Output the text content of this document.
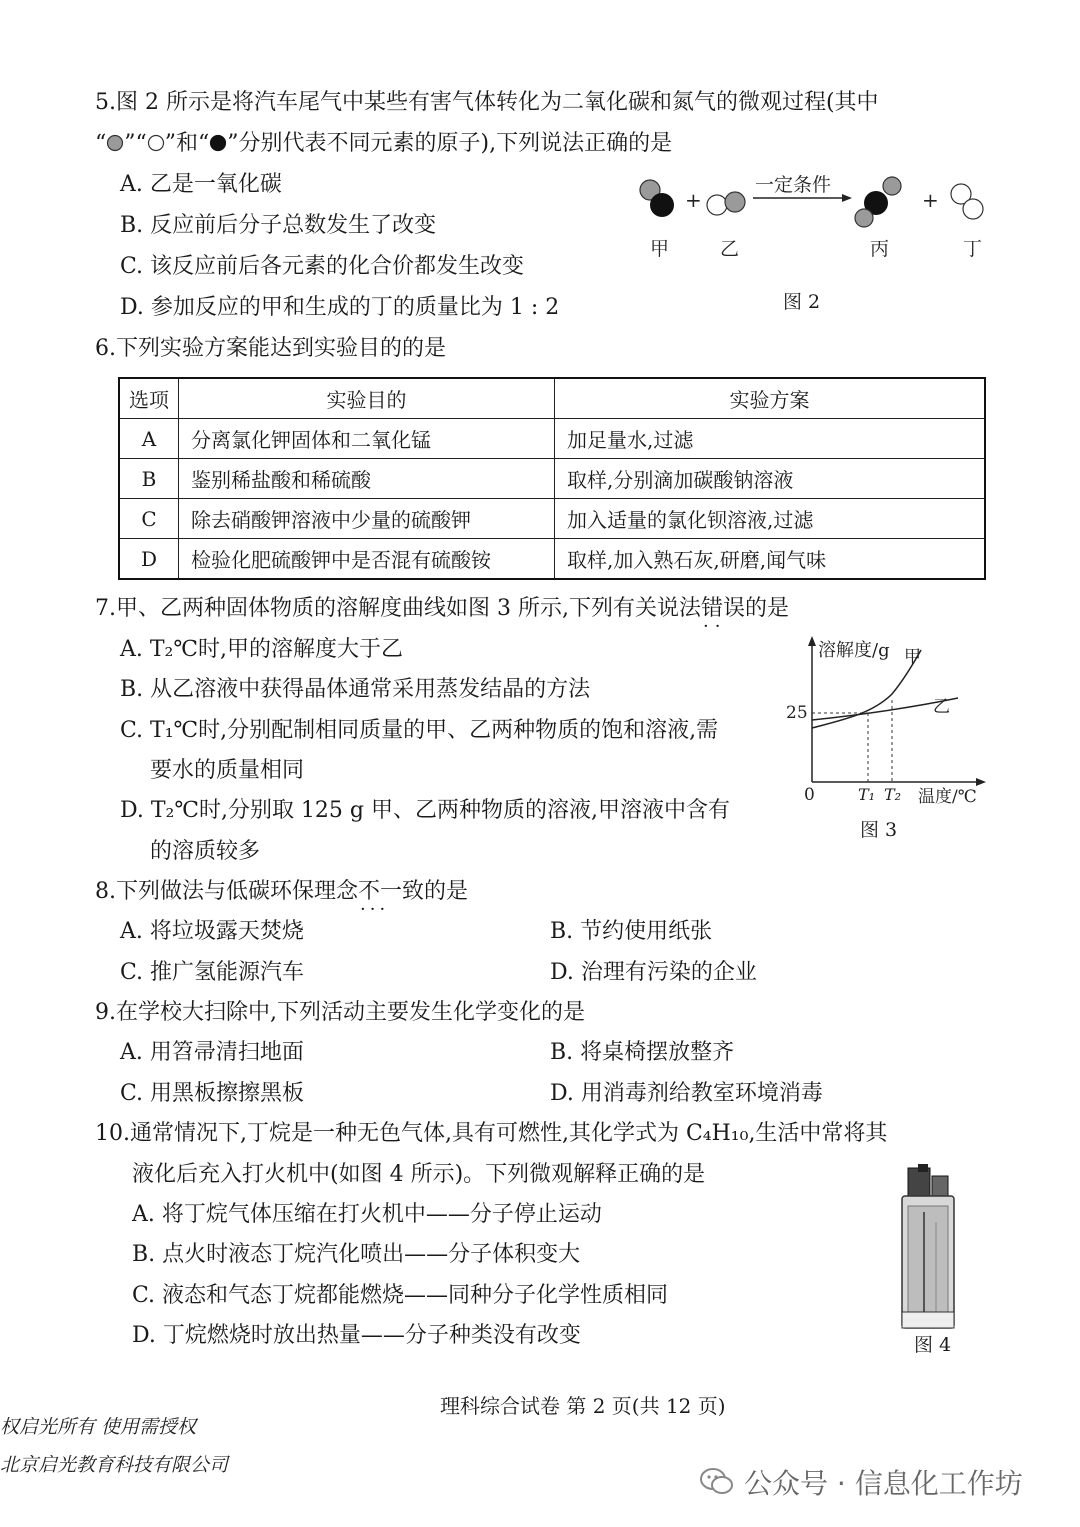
5.图 2 所示是将汽车尾气中某些有害气体转化为二氧化碳和氮气的微观过程(其中
“ ”“ ”和“ ”分别代表不同元素的原子),下列说法正确的是
A. 乙是一氧化碳
B. 反应前后分子总数发生了改变
C. 该反应前后各元素的化合价都发生改变
D. 参加反应的甲和生成的丁的质量比为 1 : 2
+
一定条件
+
甲	乙	丙	丁
图 2
6.下列实验方案能达到实验目的的是
选项	实验目的	实验方案
A	分离氯化钾固体和二氧化锰	加足量水,过滤
B	鉴别稀盐酸和稀硫酸	取样,分别滴加碳酸钠溶液
C	除去硝酸钾溶液中少量的硫酸钾	加入适量的氯化钡溶液,过滤
D	检验化肥硫酸钾中是否混有硫酸铵	取样,加入熟石灰,研磨,闻气味
7.甲、乙两种固体物质的溶解度曲线如图 3 所示,下列有关说法错误 ··的是
A. T₂℃时,甲的溶解度大于乙
B. 从乙溶液中获得晶体通常采用蒸发结晶的方法
C. T₁℃时,分别配制相同质量的甲、乙两种物质的饱和溶液,需
要水的质量相同
D. T₂℃时,分别取 125 g 甲、乙两种物质的溶液,甲溶液中含有
的溶质较多
溶解度/g
0
25
甲
乙
T₁ T₂ 温度/℃
图 3
8.下列做法与低碳环保理念不一致 ···的是
A. 将垃圾露天焚烧	B. 节约使用纸张
C. 推广氢能源汽车	D. 治理有污染的企业
9.在学校大扫除中,下列活动主要发生化学变化的是
A. 用笤帚清扫地面	B. 将桌椅摆放整齐
C. 用黑板擦擦黑板	D. 用消毒剂给教室环境消毒
10.通常情况下,丁烷是一种无色气体,具有可燃性,其化学式为 C₄H₁₀,生活中常将其
液化后充入打火机中(如图 4 所示)。下列微观解释正确的是
A. 将丁烷气体压缩在打火机中——分子停止运动
B. 点火时液态丁烷汽化喷出——分子体积变大
C. 液态和气态丁烷都能燃烧——同种分子化学性质相同
D. 丁烷燃烧时放出热量——分子种类没有改变	图 4
理科综合试卷 第 2 页(共 12 页)
权启光所有 使用需授权
北京启光教育科技有限公司
公众号 · 信息化工作坊
